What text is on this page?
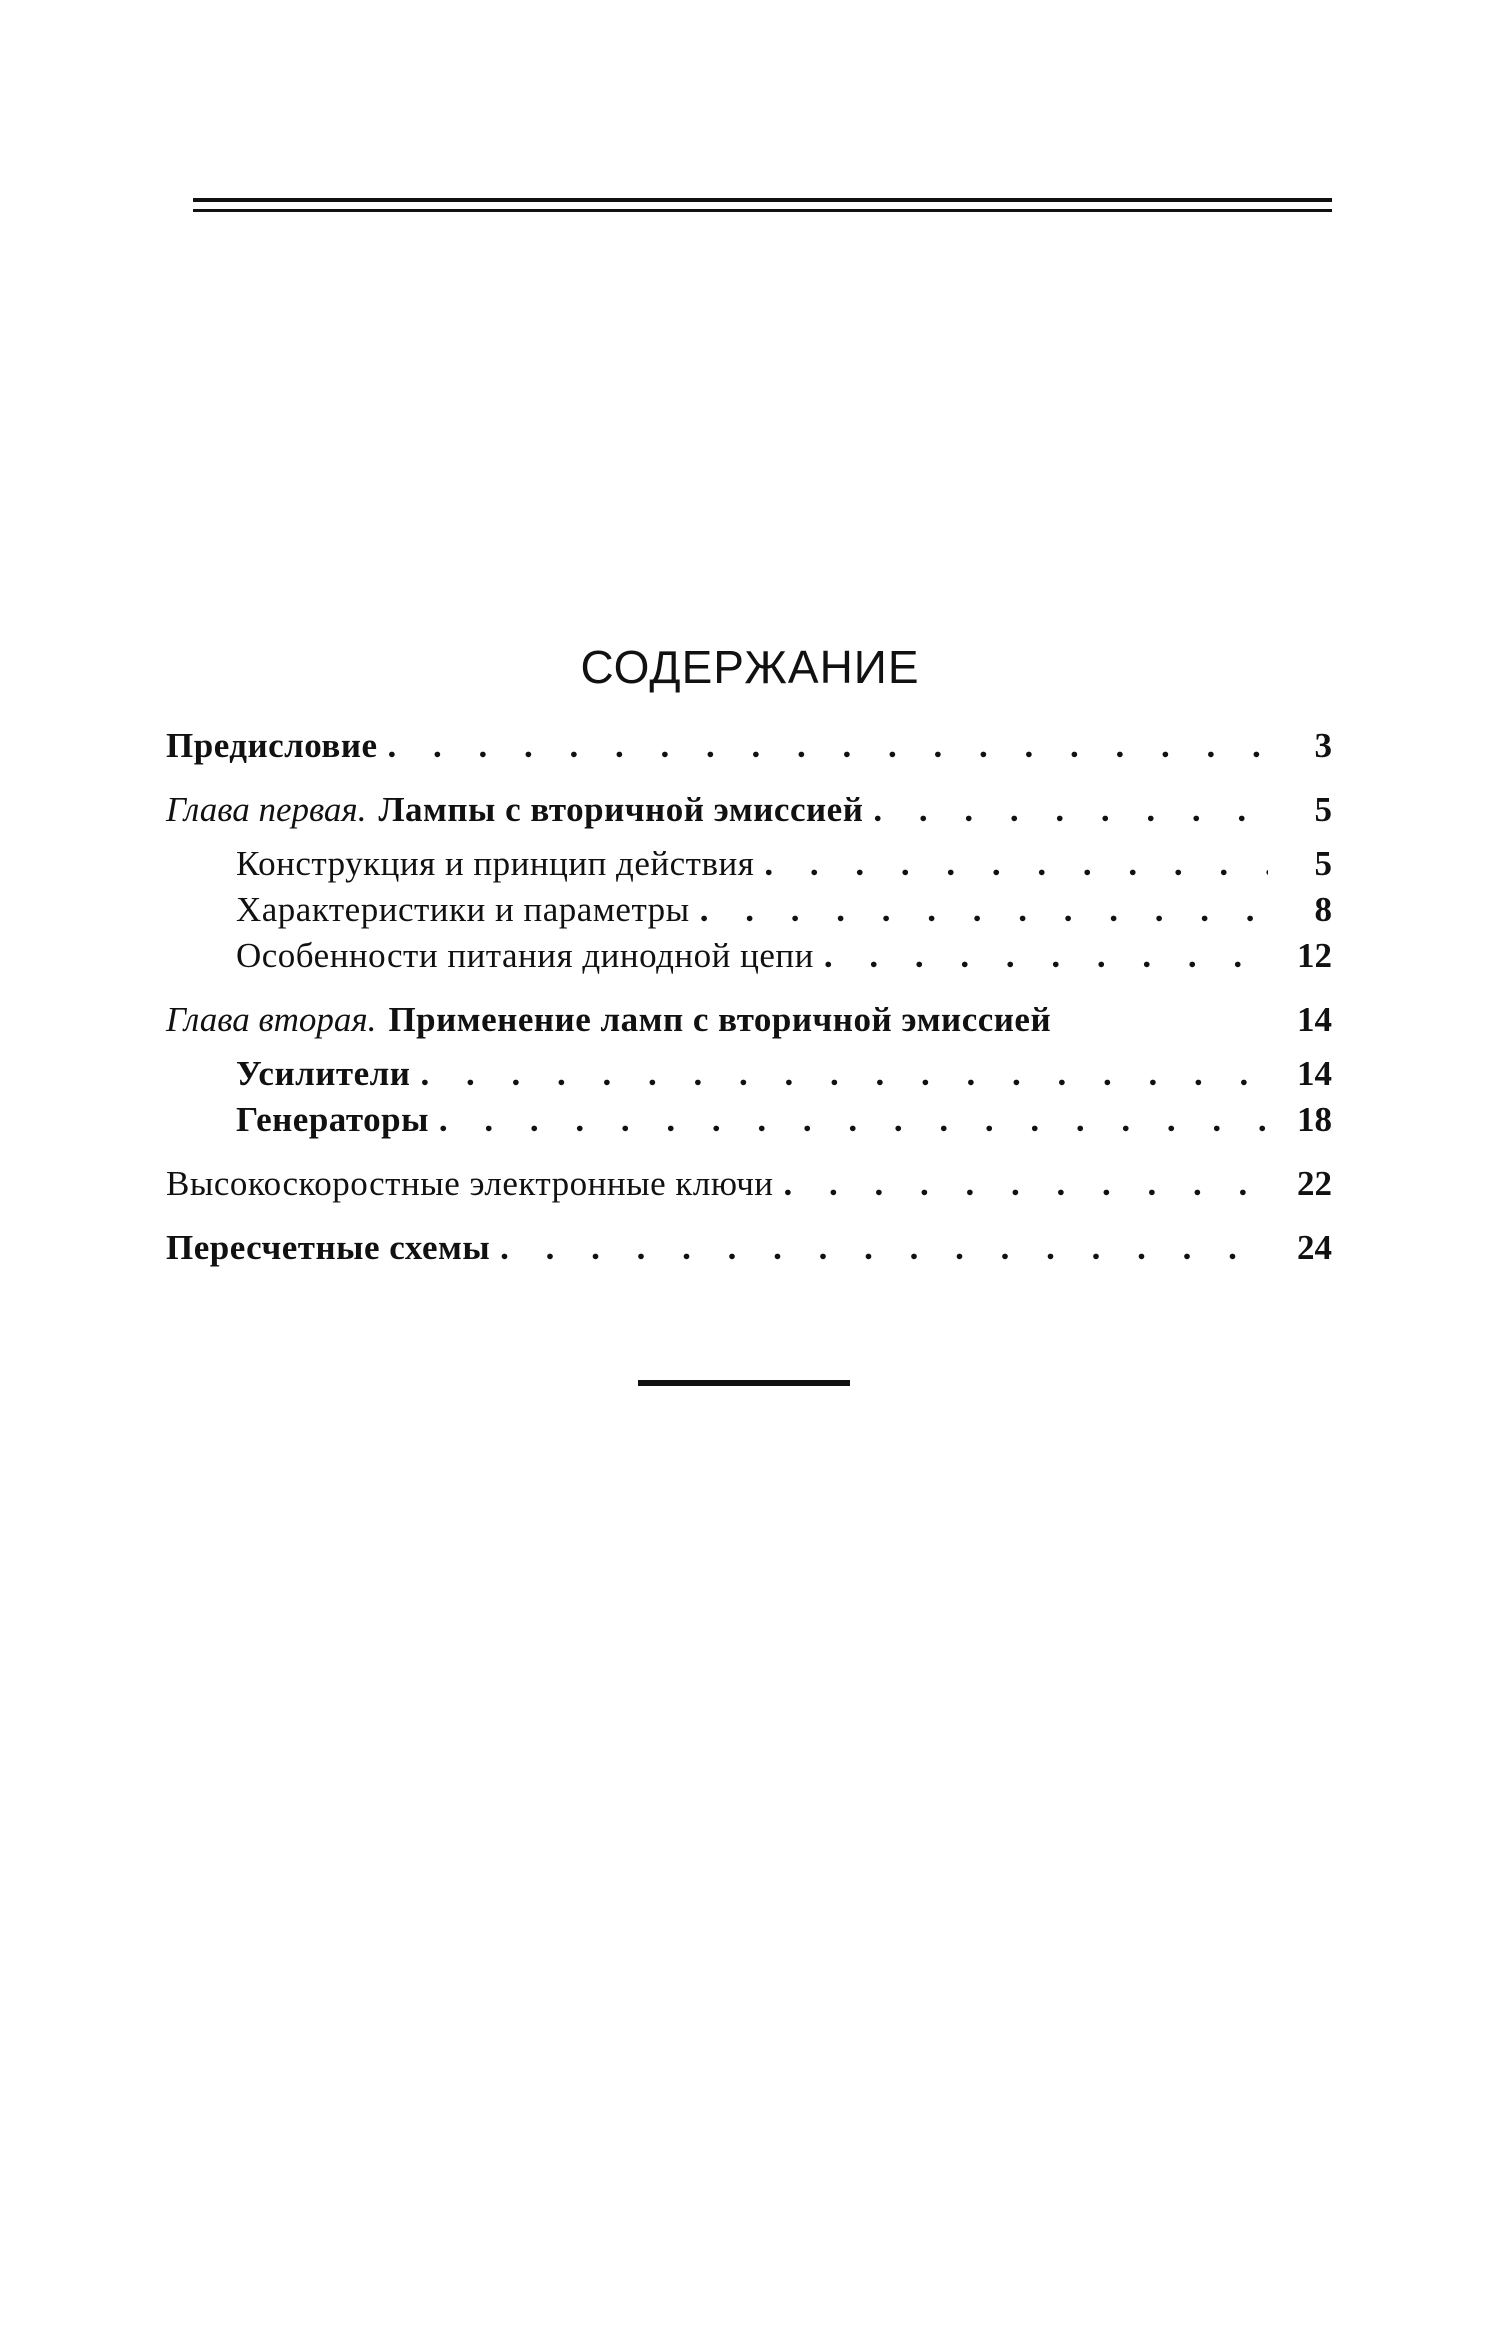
СОДЕРЖАНИЕ
Предисловие . . .	3
Глава первая. Лампы с вторичной эмиссией . . .	5
Конструкция и принцип действия . . .	5
Характеристики и параметры . . .	8
Особенности питания динодной цепи . . .	12
Глава вторая. Применение ламп с вторичной эмиссией	14
Усилители . . .	14
Генераторы . . .	18
Высокоскоростные электронные ключи . . .	22
Пересчетные схемы . . .	24
